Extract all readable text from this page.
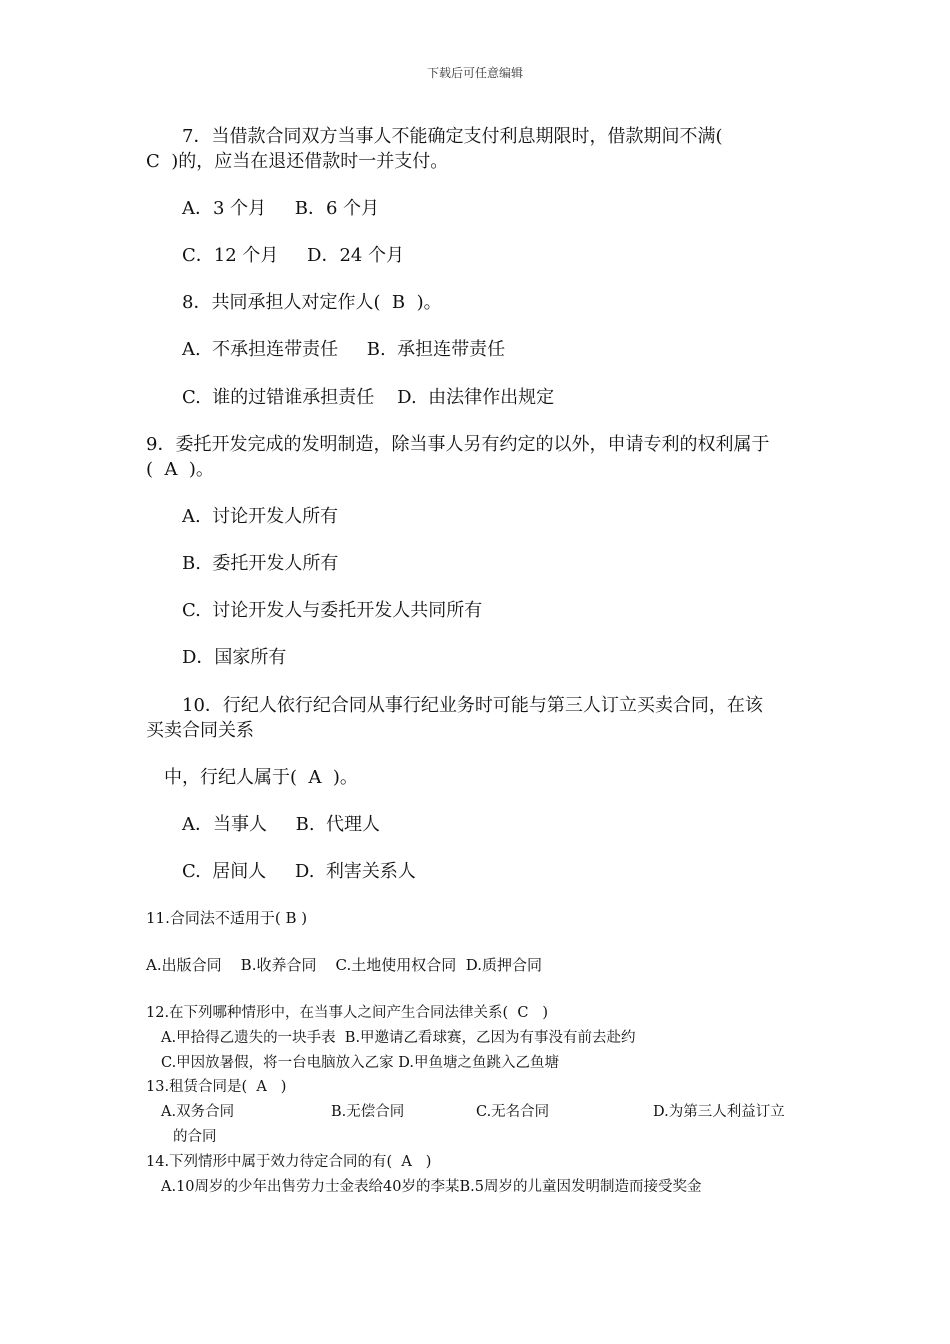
下载后可任意编辑
7．当借款合同双方当事人不能确定支付利息期限时，借款期间不满(
C  )的，应当在退还借款时一并支付。
A．3 个月     B．6 个月
C．12 个月     D．24 个月
8．共同承担人对定作人(  B  )。
A.  不承担连带责任     B.  承担连带责任
C.  谁的过错谁承担责任    D.  由法律作出规定
9．委托开发完成的发明制造，除当事人另有约定的以外，申请专利的权利属于
(  A  )。
A.  讨论开发人所有
B.  委托开发人所有
C.  讨论开发人与委托开发人共同所有
D．国家所有
10．行纪人依行纪合同从事行纪业务时可能与第三人订立买卖合同，在该
买卖合同关系
中，行纪人属于(  A  )。
A．当事人     B.  代理人
C.  居间人     D.  利害关系人
11.合同法不适用于( B )
A.出版合同    B.收养合同    C.土地使用权合同  D.质押合同
12.在下列哪种情形中，在当事人之间产生合同法律关系(  C   )
A.甲拾得乙遗失的一块手表  B.甲邀请乙看球赛，乙因为有事没有前去赴约
C.甲因放暑假，将一台电脑放入乙家 D.甲鱼塘之鱼跳入乙鱼塘
13.租赁合同是(  A   )
A.双务合同	B.无偿合同	C.无名合同	D.为第三人利益订立
的合同
14.下列情形中属于效力待定合同的有(  A   )
A.10周岁的少年出售劳力士金表给40岁的李某B.5周岁的儿童因发明制造而接受奖金
